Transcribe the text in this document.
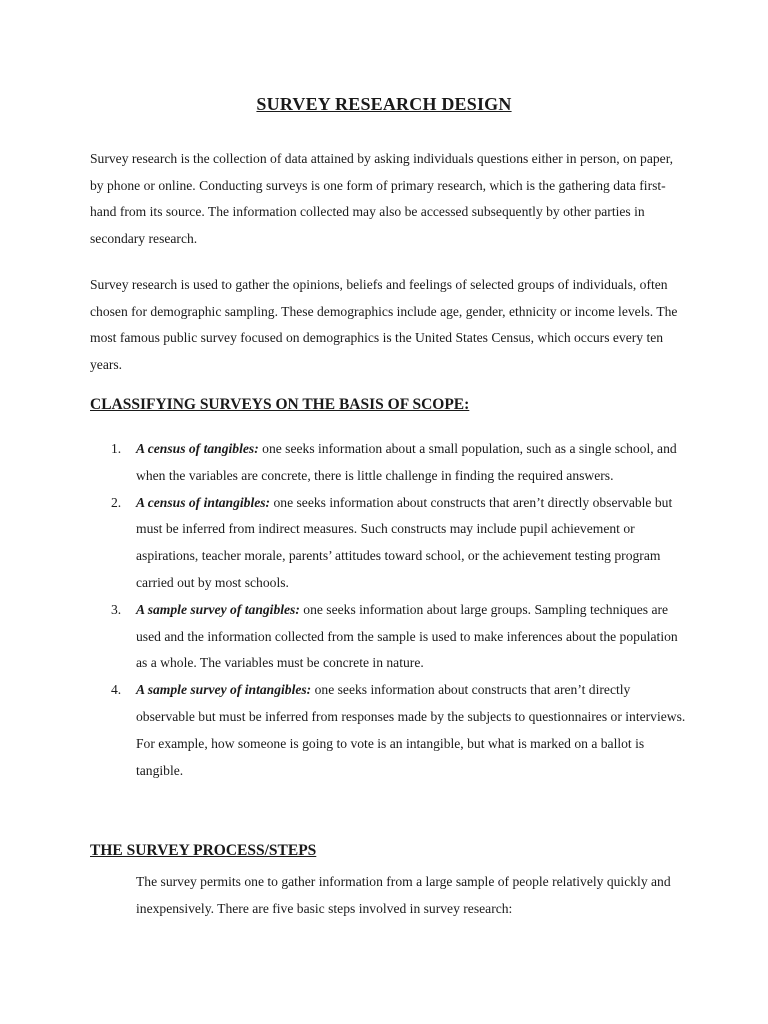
SURVEY RESEARCH DESIGN

Survey research is the collection of data attained by asking individuals questions either in person, on paper, by phone or online. Conducting surveys is one form of primary research, which is the gathering data first-hand from its source. The information collected may also be accessed subsequently by other parties in secondary research.

Survey research is used to gather the opinions, beliefs and feelings of selected groups of individuals, often chosen for demographic sampling. These demographics include age, gender, ethnicity or income levels. The most famous public survey focused on demographics is the United States Census, which occurs every ten years.

CLASSIFYING SURVEYS ON THE BASIS OF SCOPE:
1. A census of tangibles: one seeks information about a small population, such as a single school, and when the variables are concrete, there is little challenge in finding the required answers.
2. A census of intangibles: one seeks information about constructs that aren’t directly observable but must be inferred from indirect measures. Such constructs may include pupil achievement or aspirations, teacher morale, parents’ attitudes toward school, or the achievement testing program carried out by most schools.
3. A sample survey of tangibles: one seeks information about large groups. Sampling techniques are used and the information collected from the sample is used to make inferences about the population as a whole. The variables must be concrete in nature.
4. A sample survey of intangibles: one seeks information about constructs that aren’t directly observable but must be inferred from responses made by the subjects to questionnaires or interviews. For example, how someone is going to vote is an intangible, but what is marked on a ballot is tangible.
THE SURVEY PROCESS/STEPS

The survey permits one to gather information from a large sample of people relatively quickly and inexpensively. There are five basic steps involved in survey research:
